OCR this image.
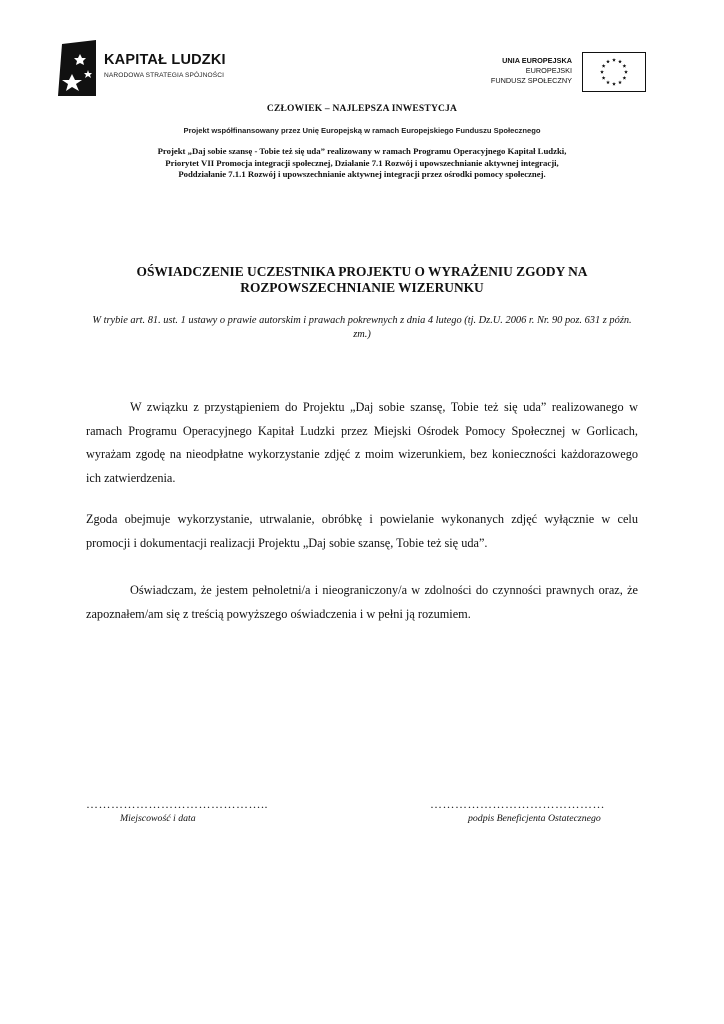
KAPITAŁ LUDZKI
NARODOWA STRATEGIA SPÓJNOŚCI
UNIA EUROPEJSKA
EUROPEJSKI
FUNDUSZ SPOŁECZNY
CZŁOWIEK – NAJLEPSZA INWESTYCJA
Projekt współfinansowany przez Unię Europejską w ramach Europejskiego Funduszu Społecznego
Projekt „Daj sobie szansę - Tobie też się uda” realizowany w ramach Programu Operacyjnego Kapitał Ludzki,
Priorytet VII Promocja integracji społecznej, Działanie 7.1 Rozwój i upowszechnianie aktywnej integracji,
Poddziałanie 7.1.1 Rozwój i upowszechnianie aktywnej integracji przez ośrodki pomocy społecznej.
OŚWIADCZENIE UCZESTNIKA PROJEKTU O WYRAŻENIU ZGODY NA
ROZPOWSZECHNIANIE WIZERUNKU
W trybie art. 81. ust. 1 ustawy o prawie autorskim i prawach pokrewnych z dnia 4 lutego (tj. Dz.U. 2006 r. Nr. 90 poz. 631 z późn. zm.)

W związku z przystąpieniem do Projektu „Daj sobie szansę, Tobie też się uda” realizowanego w ramach Programu Operacyjnego Kapitał Ludzki przez Miejski Ośrodek Pomocy Społecznej w Gorlicach, wyrażam zgodę na nieodpłatne wykorzystanie zdjęć z moim wizerunkiem, bez konieczności każdorazowego ich zatwierdzenia.

Zgoda obejmuje wykorzystanie, utrwalanie, obróbkę i powielanie wykonanych zdjęć wyłącznie w celu promocji i dokumentacji realizacji Projektu „Daj sobie szansę, Tobie też się uda”.

Oświadczam, że jestem pełnoletni/a i nieograniczony/a w zdolności do czynności prawnych oraz, że zapoznałem/am się z treścią powyższego oświadczenia i w pełni ją rozumiem.

……………………………………..	……………………………………
Miejscowość i data	podpis Beneficjenta Ostatecznego
